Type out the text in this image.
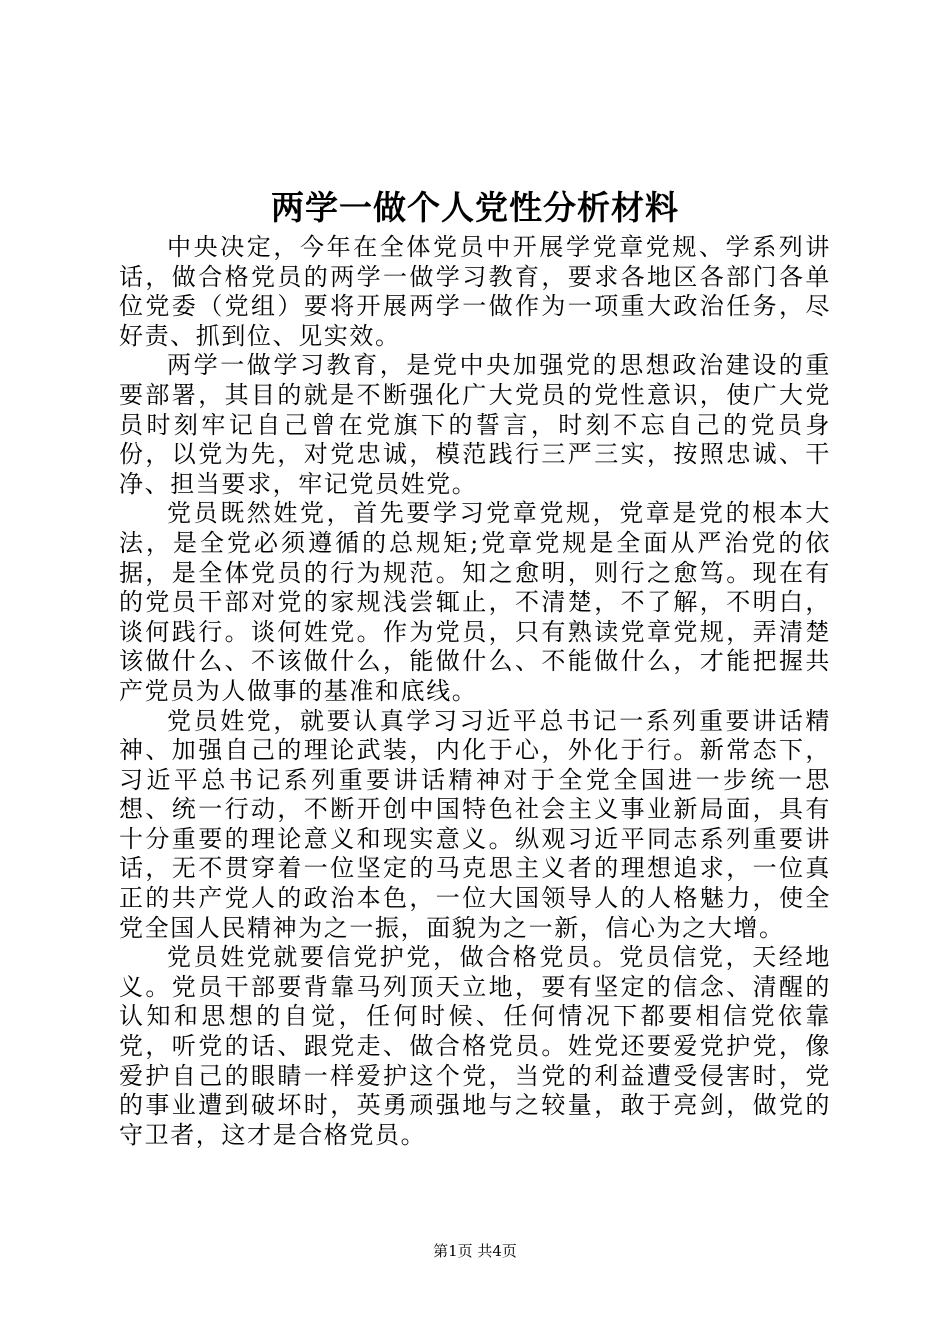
两学一做个人党性分析材料

中央决定，今年在全体党员中开展学党章党规、学系列讲话，做合格党员的两学一做学习教育，要求各地区各部门各单位党委（党组）要将开展两学一做作为一项重大政治任务，尽好责、抓到位、见实效。

两学一做学习教育，是党中央加强党的思想政治建设的重要部署，其目的就是不断强化广大党员的党性意识，使广大党员时刻牢记自己曾在党旗下的誓言，时刻不忘自己的党员身份，以党为先，对党忠诚，模范践行三严三实，按照忠诚、干净、担当要求，牢记党员姓党。

党员既然姓党，首先要学习党章党规，党章是党的根本大法，是全党必须遵循的总规矩;党章党规是全面从严治党的依据，是全体党员的行为规范。知之愈明，则行之愈笃。现在有的党员干部对党的家规浅尝辄止，不清楚，不了解，不明白，谈何践行。谈何姓党。作为党员，只有熟读党章党规，弄清楚该做什么、不该做什么，能做什么、不能做什么，才能把握共产党员为人做事的基准和底线。

党员姓党，就要认真学习习近平总书记一系列重要讲话精神、加强自己的理论武装，内化于心，外化于行。新常态下，习近平总书记系列重要讲话精神对于全党全国进一步统一思想、统一行动，不断开创中国特色社会主义事业新局面，具有十分重要的理论意义和现实意义。纵观习近平同志系列重要讲话，无不贯穿着一位坚定的马克思主义者的理想追求，一位真正的共产党人的政治本色，一位大国领导人的人格魅力，使全党全国人民精神为之一振，面貌为之一新，信心为之大增。

党员姓党就要信党护党，做合格党员。党员信党，天经地义。党员干部要背靠马列顶天立地，要有坚定的信念、清醒的认知和思想的自觉，任何时候、任何情况下都要相信党依靠党，听党的话、跟党走、做合格党员。姓党还要爱党护党，像爱护自己的眼睛一样爱护这个党，当党的利益遭受侵害时，党的事业遭到破坏时，英勇顽强地与之较量，敢于亮剑，做党的守卫者，这才是合格党员。

第1页 共4页
